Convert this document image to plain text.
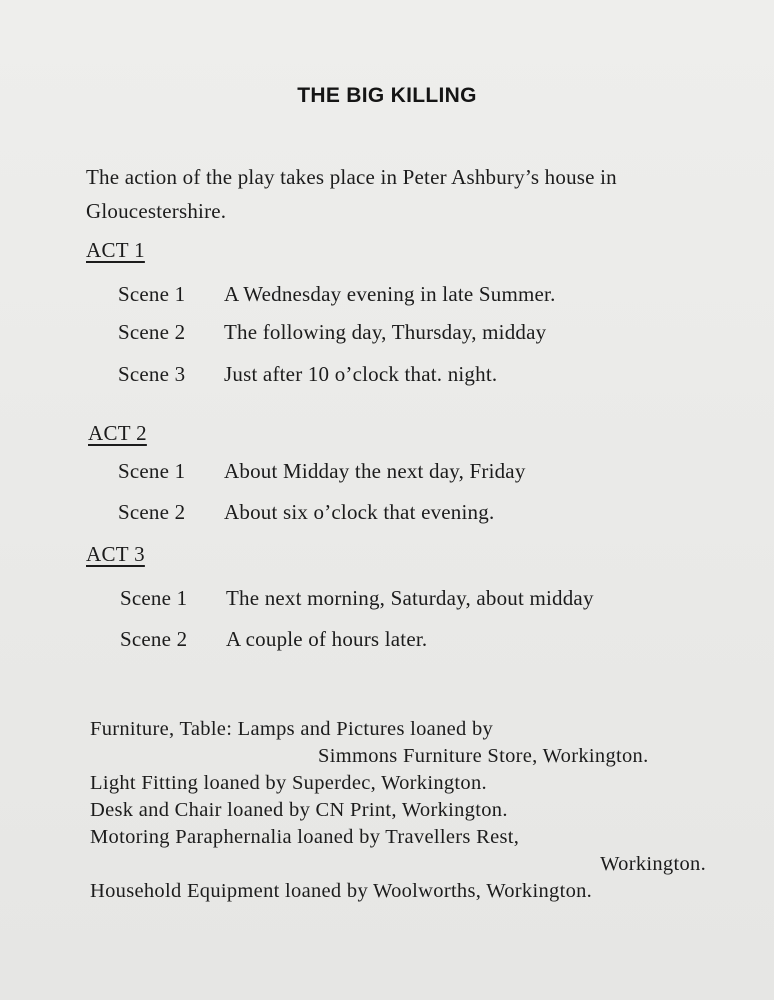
THE BIG KILLING
The action of the play takes place in Peter Ashbury’s house in Gloucestershire.
ACT 1
Scene 1 A Wednesday evening in late Summer.
Scene 2 The following day, Thursday, midday
Scene 3 Just after 10 o’clock that. night.
ACT 2
Scene 1 About Midday the next day, Friday
Scene 2 About six o’clock that evening.
ACT 3
Scene 1 The next morning, Saturday, about midday
Scene 2 A couple of hours later.
Furniture, Table: Lamps and Pictures loaned by
Simmons Furniture Store, Workington.
Light Fitting loaned by Superdec, Workington.
Desk and Chair loaned by CN Print, Workington.
Motoring Paraphernalia loaned by Travellers Rest,
Workington.
Household Equipment loaned by Woolworths, Workington.
